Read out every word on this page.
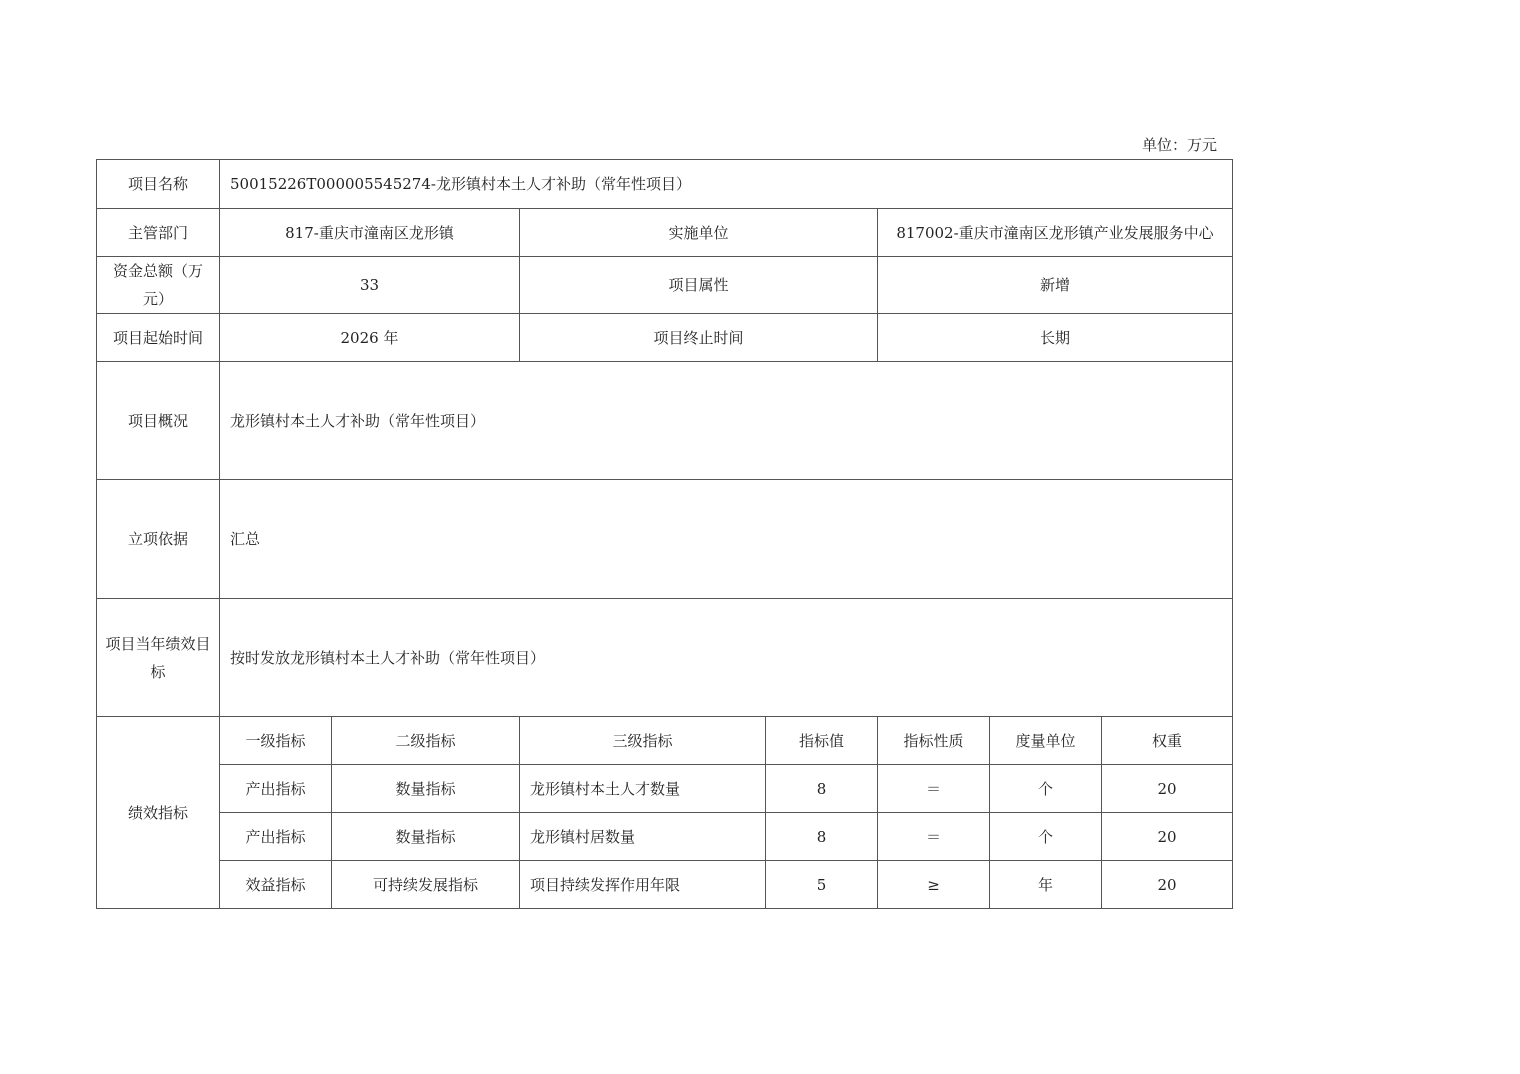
单位：万元
项目名称	50015226T000005545274-龙形镇村本土人才补助（常年性项目）						
主管部门	817-重庆市潼南区龙形镇		实施单位		817002-重庆市潼南区龙形镇产业发展服务中心		
资金总额（万元）	33		项目属性		新增		
项目起始时间	2026 年		项目终止时间		长期		
项目概况	龙形镇村本土人才补助（常年性项目）						
立项依据	汇总						
项目当年绩效目标	按时发放龙形镇村本土人才补助（常年性项目）						
绩效指标	一级指标	二级指标	三级指标	指标值	指标性质	度量单位	权重
	产出指标	数量指标	龙形镇村本土人才数量	8	＝	个	20
	产出指标	数量指标	龙形镇村居数量	8	＝	个	20
	效益指标	可持续发展指标	项目持续发挥作用年限	5	≥	年	20
